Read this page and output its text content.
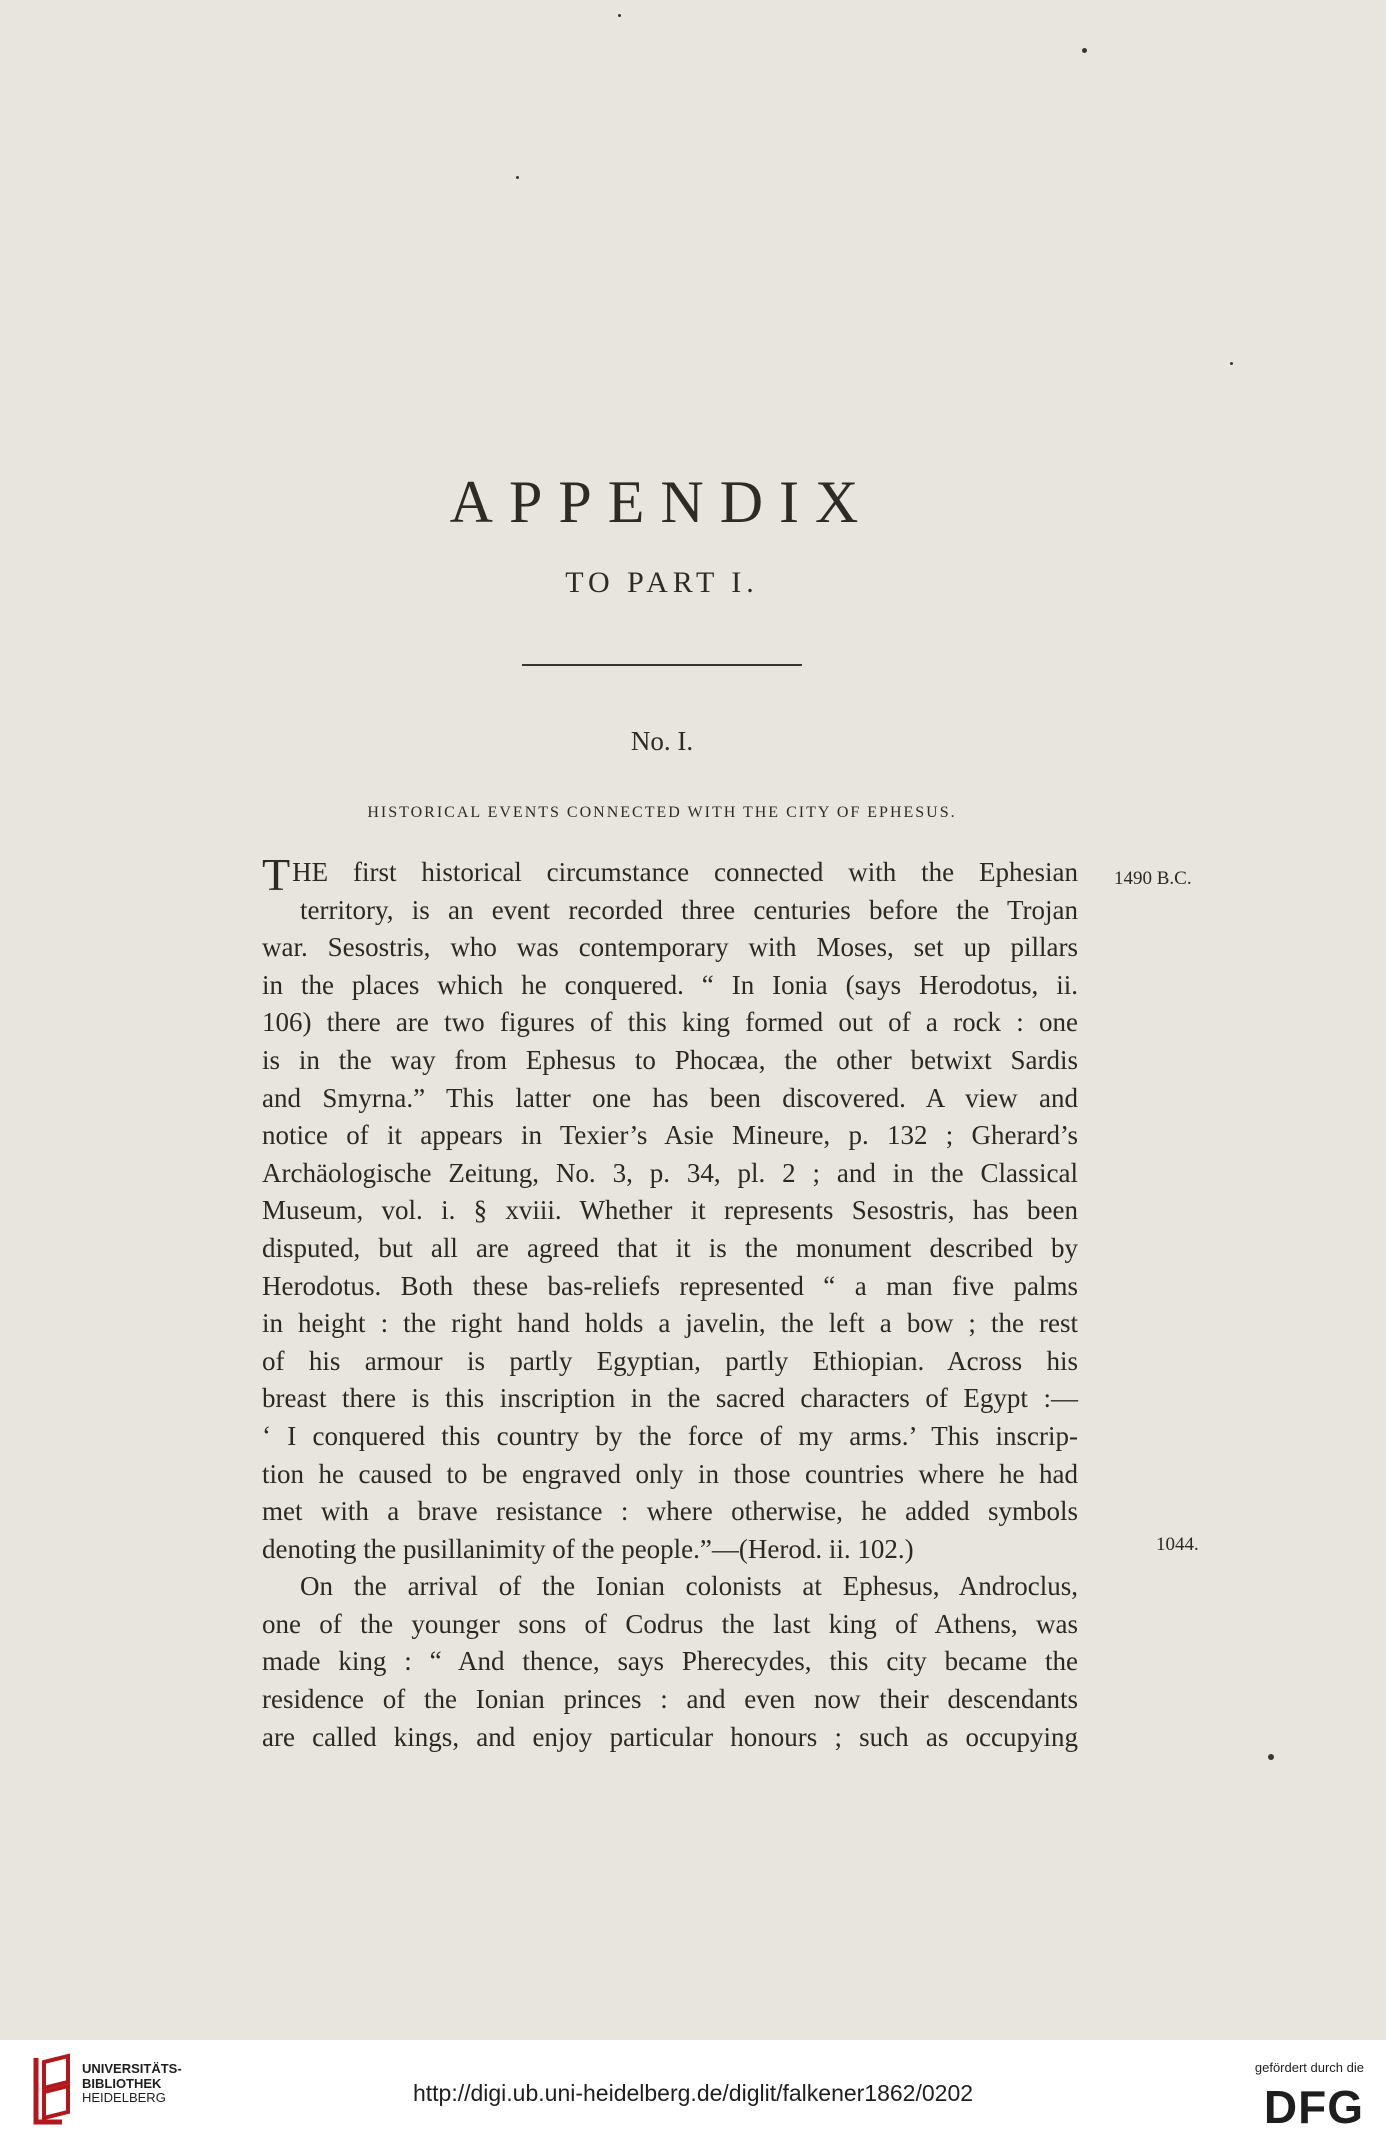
APPENDIX
TO PART I.
No. I.
HISTORICAL EVENTS CONNECTED WITH THE CITY OF EPHESUS.
1490 B.C.
1044.
THE first historical circumstance connected with the Ephesian
territory, is an event recorded three centuries before the Trojan
war. Sesostris, who was contemporary with Moses, set up pillars
in the places which he conquered. “ In Ionia (says Herodotus, ii.
106) there are two figures of this king formed out of a rock : one
is in the way from Ephesus to Phocæa, the other betwixt Sardis
and Smyrna.” This latter one has been discovered. A view and
notice of it appears in Texier’s Asie Mineure, p. 132 ; Gherard’s
Archäologische Zeitung, No. 3, p. 34, pl. 2 ; and in the Classical
Museum, vol. i. § xviii. Whether it represents Sesostris, has been
disputed, but all are agreed that it is the monument described by
Herodotus. Both these bas-reliefs represented “ a man five palms
in height : the right hand holds a javelin, the left a bow ; the rest
of his armour is partly Egyptian, partly Ethiopian. Across his
breast there is this inscription in the sacred characters of Egypt :—
‘ I conquered this country by the force of my arms.’ This inscrip-
tion he caused to be engraved only in those countries where he had
met with a brave resistance : where otherwise, he added symbols
denoting the pusillanimity of the people.”—(Herod. ii. 102.)
On the arrival of the Ionian colonists at Ephesus, Androclus,
one of the younger sons of Codrus the last king of Athens, was
made king : “ And thence, says Pherecydes, this city became the
residence of the Ionian princes : and even now their descendants
are called kings, and enjoy particular honours ; such as occupying
UNIVERSITÄTS-
BIBLIOTHEK
HEIDELBERG	http://digi.ub.uni-heidelberg.de/diglit/falkener1862/0202
gefördert durch die
DFG
